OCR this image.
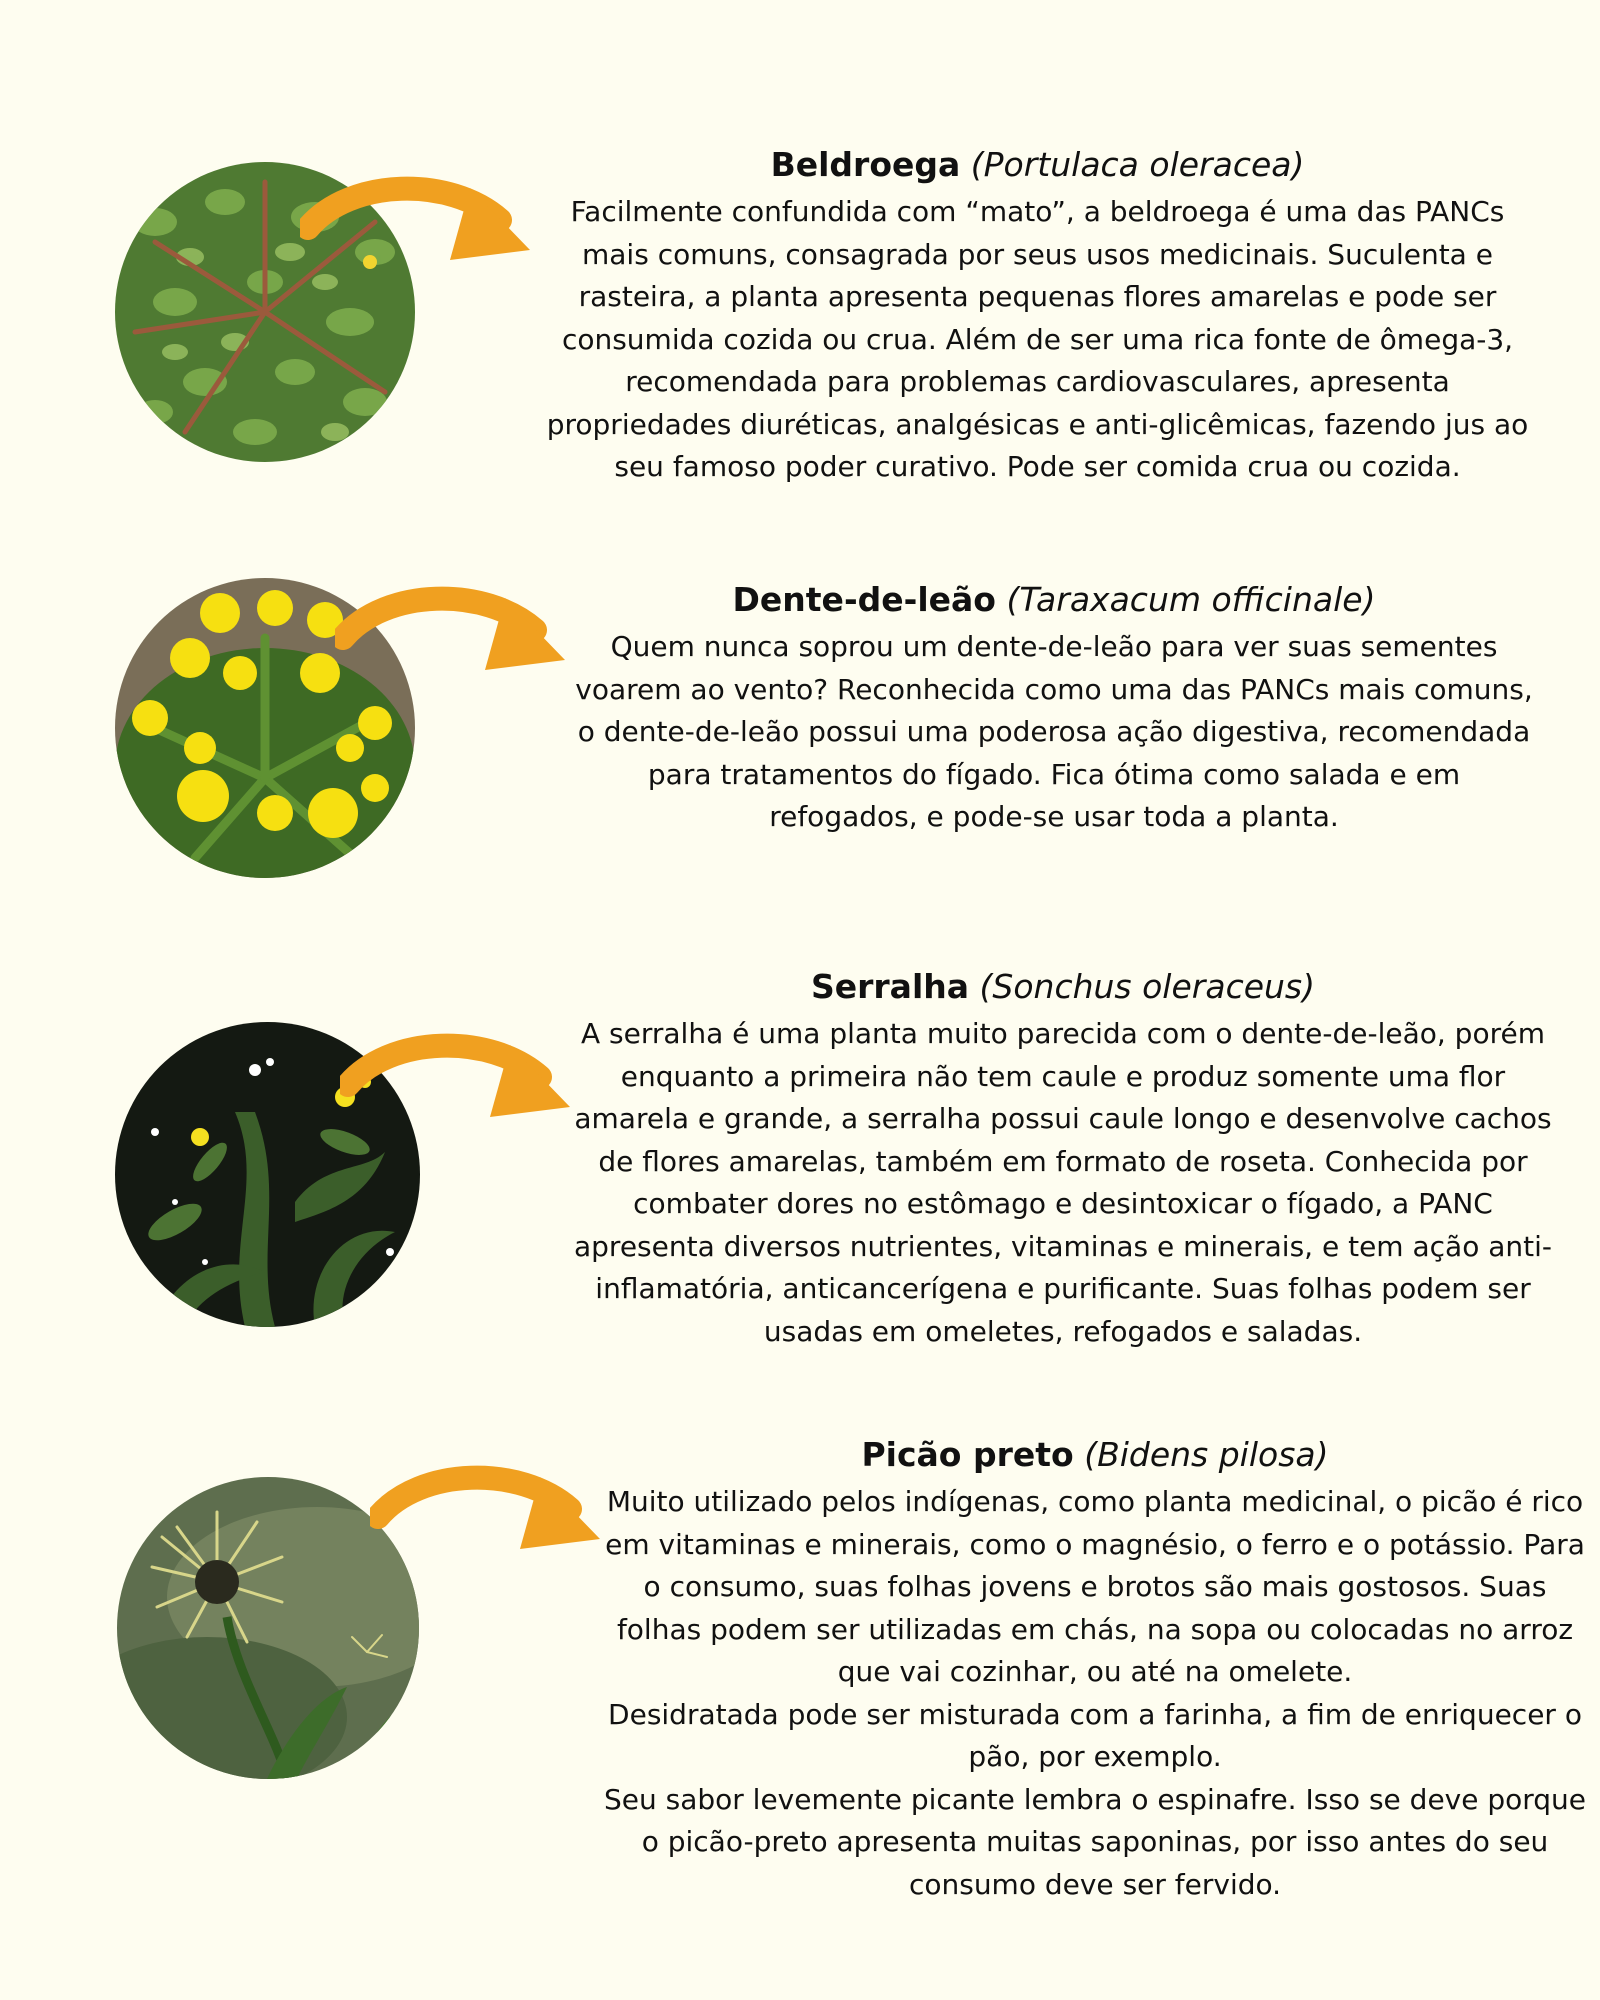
Beldroega (Portulaca oleracea)

Facilmente confundida com “mato”, a beldroega é uma das PANCs mais comuns, consagrada por seus usos medicinais. Suculenta e rasteira, a planta apresenta pequenas flores amarelas e pode ser consumida cozida ou crua. Além de ser uma rica fonte de ômega-3, recomendada para problemas cardiovasculares, apresenta propriedades diuréticas, analgésicas e anti-glicêmicas, fazendo jus ao seu famoso poder curativo. Pode ser comida crua ou cozida.

Dente-de-leão (Taraxacum officinale)

Quem nunca soprou um dente-de-leão para ver suas sementes voarem ao vento? Reconhecida como uma das PANCs mais comuns, o dente-de-leão possui uma poderosa ação digestiva, recomendada para tratamentos do fígado. Fica ótima como salada e em refogados, e pode-se usar toda a planta.

Serralha (Sonchus oleraceus)

A serralha é uma planta muito parecida com o dente-de-leão, porém enquanto a primeira não tem caule e produz somente uma flor amarela e grande, a serralha possui caule longo e desenvolve cachos de flores amarelas, também em formato de roseta. Conhecida por combater dores no estômago e desintoxicar o fígado, a PANC apresenta diversos nutrientes, vitaminas e minerais, e tem ação anti-inflamatória, anticancerígena e purificante. Suas folhas podem ser usadas em omeletes, refogados e saladas.

Picão preto (Bidens pilosa)

Muito utilizado pelos indígenas, como planta medicinal, o picão é rico em vitaminas e minerais, como o magnésio, o ferro e o potássio. Para o consumo, suas folhas jovens e brotos são mais gostosos. Suas folhas podem ser utilizadas em chás, na sopa ou colocadas no arroz que vai cozinhar, ou até na omelete.

Desidratada pode ser misturada com a farinha, a fim de enriquecer o pão, por exemplo.

Seu sabor levemente picante lembra o espinafre. Isso se deve porque o picão-preto apresenta muitas saponinas, por isso antes do seu consumo deve ser fervido.
